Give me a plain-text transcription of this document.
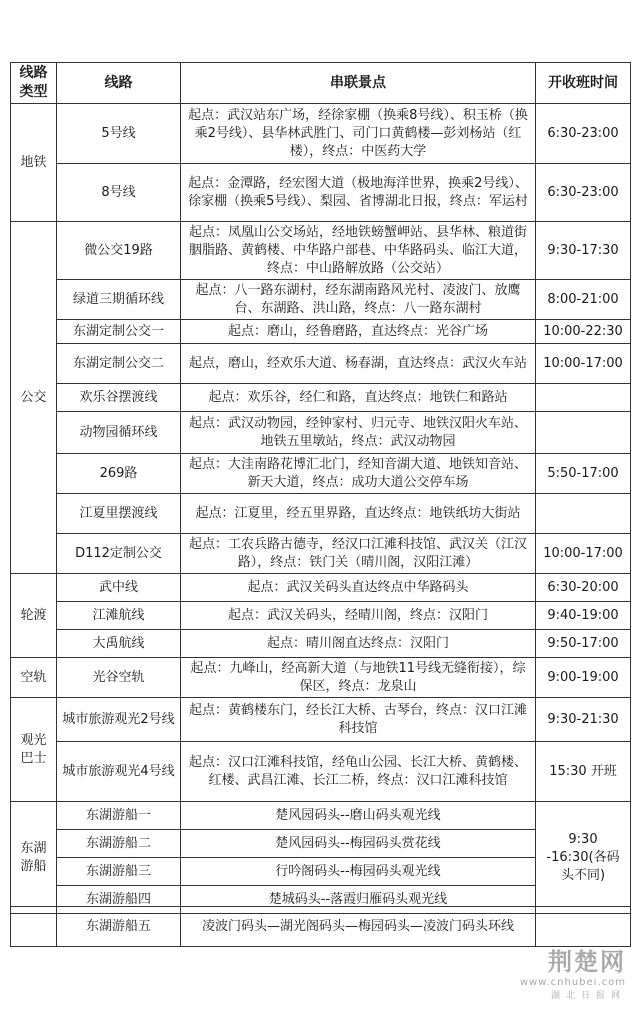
线路类型	线路	串联景点	开收班时间
地铁	5号线	起点：武汉站东广场，经徐家棚（换乘8号线）、积玉桥（换乘2号线）、县华林武胜门、司门口黄鹤楼—彭刘杨站（红楼），终点：中医药大学	6:30-23:00
	8号线	起点：金潭路，经宏图大道（极地海洋世界，换乘2号线）、徐家棚（换乘5号线）、梨园、省博湖北日报，终点：军运村	6:30-23:00
公交	微公交19路	起点：凤凰山公交场站，经地铁螃蟹岬站、县华林、粮道街胭脂路、黄鹤楼、中华路户部巷、中华路码头、临江大道，终点：中山路解放路（公交站）	9:30-17:30
	绿道三期循环线	起点：八一路东湖村，经东湖南路风光村、凌波门、放鹰台、东湖路、洪山路，终点：八一路东湖村	8:00-21:00
	东湖定制公交一	起点：磨山，经鲁磨路，直达终点：光谷广场	10:00-22:30
	东湖定制公交二	起点，磨山，经欢乐大道、杨春湖，直达终点：武汉火车站	10:00-17:00
	欢乐谷摆渡线	起点：欢乐谷，经仁和路，直达终点：地铁仁和路站	
	动物园循环线	起点：武汉动物园，经钟家村、归元寺、地铁汉阳火车站、地铁五里墩站，终点：武汉动物园	
	269路	起点：大洼南路花博汇北门，经知音湖大道、地铁知音站、新天大道，终点：成功大道公交停车场	5:50-17:00
	江夏里摆渡线	起点：江夏里，经五里界路，直达终点：地铁纸坊大街站	
	D112定制公交	起点：工农兵路古德寺，经汉口江滩科技馆、武汉关（江汉路），终点：铁门关（晴川阁，汉阳江滩）	10:00-17:00
轮渡	武中线	起点：武汉关码头直达终点中华路码头	6:30-20:00
	江滩航线	起点：武汉关码头，经晴川阁，终点：汉阳门	9:40-19:00
	大禹航线	起点：晴川阁直达终点：汉阳门	9:50-17:00
空轨	光谷空轨	起点：九峰山，经高新大道（与地铁11号线无缝衔接），综保区，终点：龙泉山	9:00-19:00
观光巴士	城市旅游观光2号线	起点：黄鹤楼东门，经长江大桥、古琴台，终点：汉口江滩科技馆	9:30-21:30
	城市旅游观光4号线	起点：汉口江滩科技馆，经龟山公园、长江大桥、黄鹤楼、红楼、武昌江滩、长江二桥，终点：汉口江滩科技馆	15:30 开班
东湖游船	东湖游船一	楚风园码头--磨山码头观光线	9:30 -16:30(各码头不同)
	东湖游船二	楚风园码头--梅园码头赏花线	
	东湖游船三	行吟阁码头--梅园码头观光线	
	东湖游船四	楚城码头--落霞归雁码头观光线	
	东湖游船五	凌波门码头—湖光阁码头—梅园码头—凌波门码头环线	
荆楚网
www.cnhubei.com
湖北日报网
